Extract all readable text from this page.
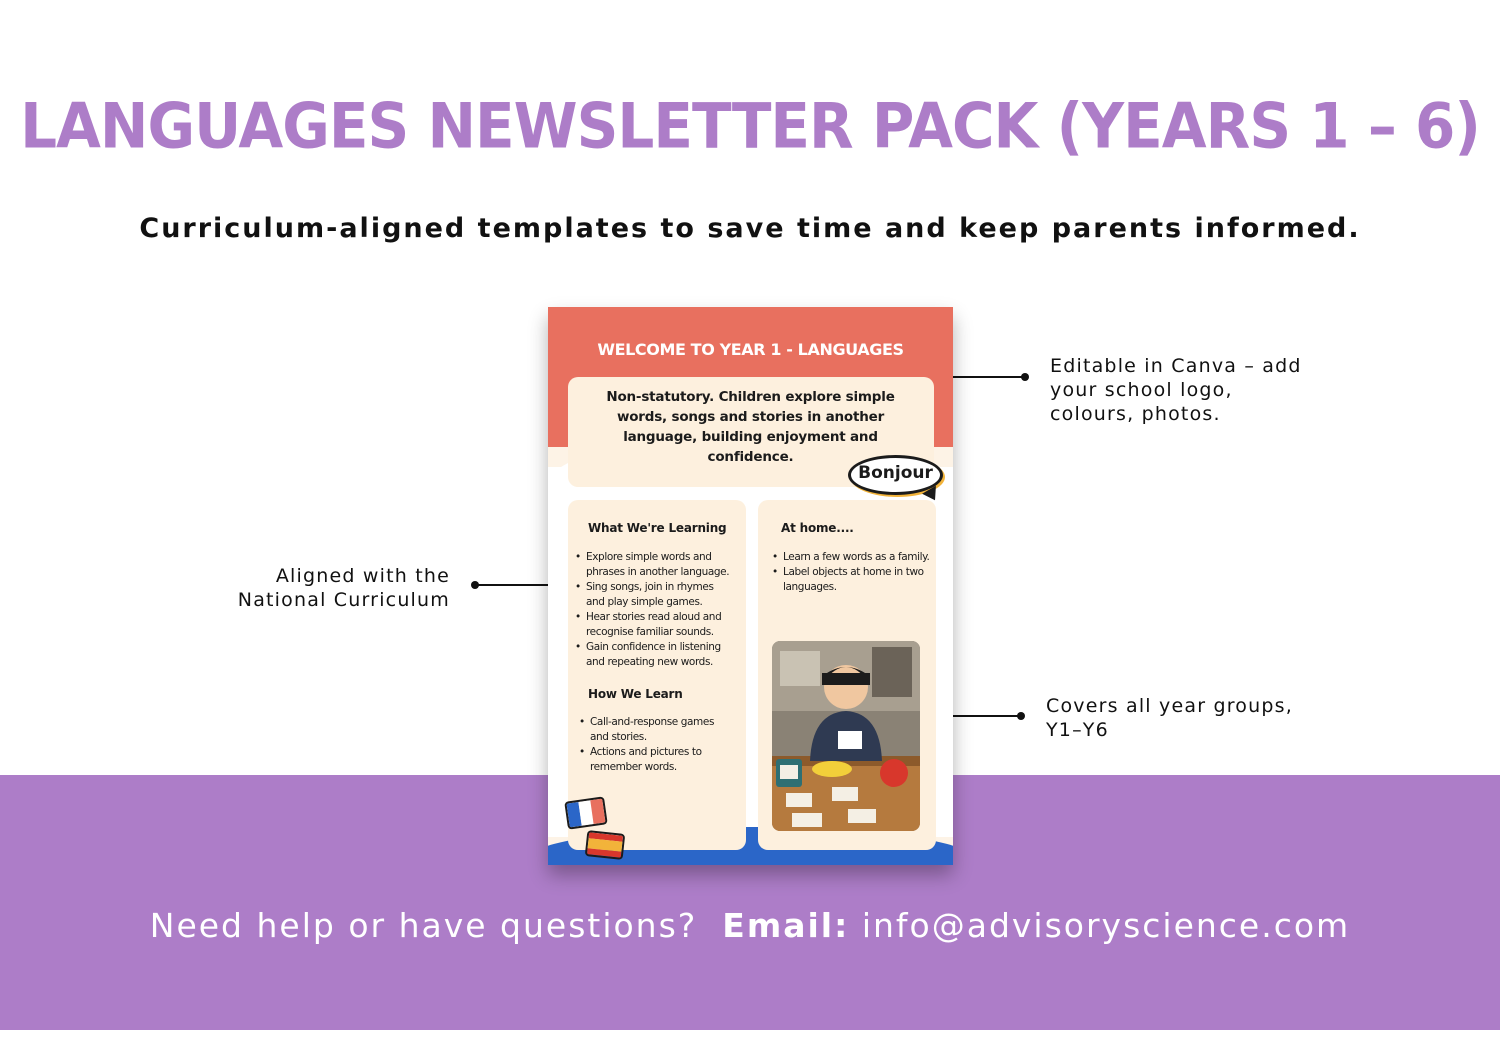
LANGUAGES NEWSLETTER PACK (YEARS 1 – 6)

Curriculum-aligned templates to save time and keep parents informed.

Aligned with the
National Curriculum
Editable in Canva – add
your school logo,
colours, photos.
Covers all year groups,
Y1–Y6
WELCOME TO YEAR 1 - LANGUAGES
Non-statutory. Children explore simple words, songs and stories in another language, building enjoyment and confidence.
Bonjour
What We're Learning
• Explore simple words and phrases in another language.
• Sing songs, join in rhymes and play simple games.
• Hear stories read aloud and recognise familiar sounds.
• Gain confidence in listening and repeating new words.
How We Learn
• Call-and-response games and stories.
• Actions and pictures to remember words.
At home....
• Learn a few words as a family.
• Label objects at home in two languages.
Need help or have questions? Email: info@advisoryscience.com
